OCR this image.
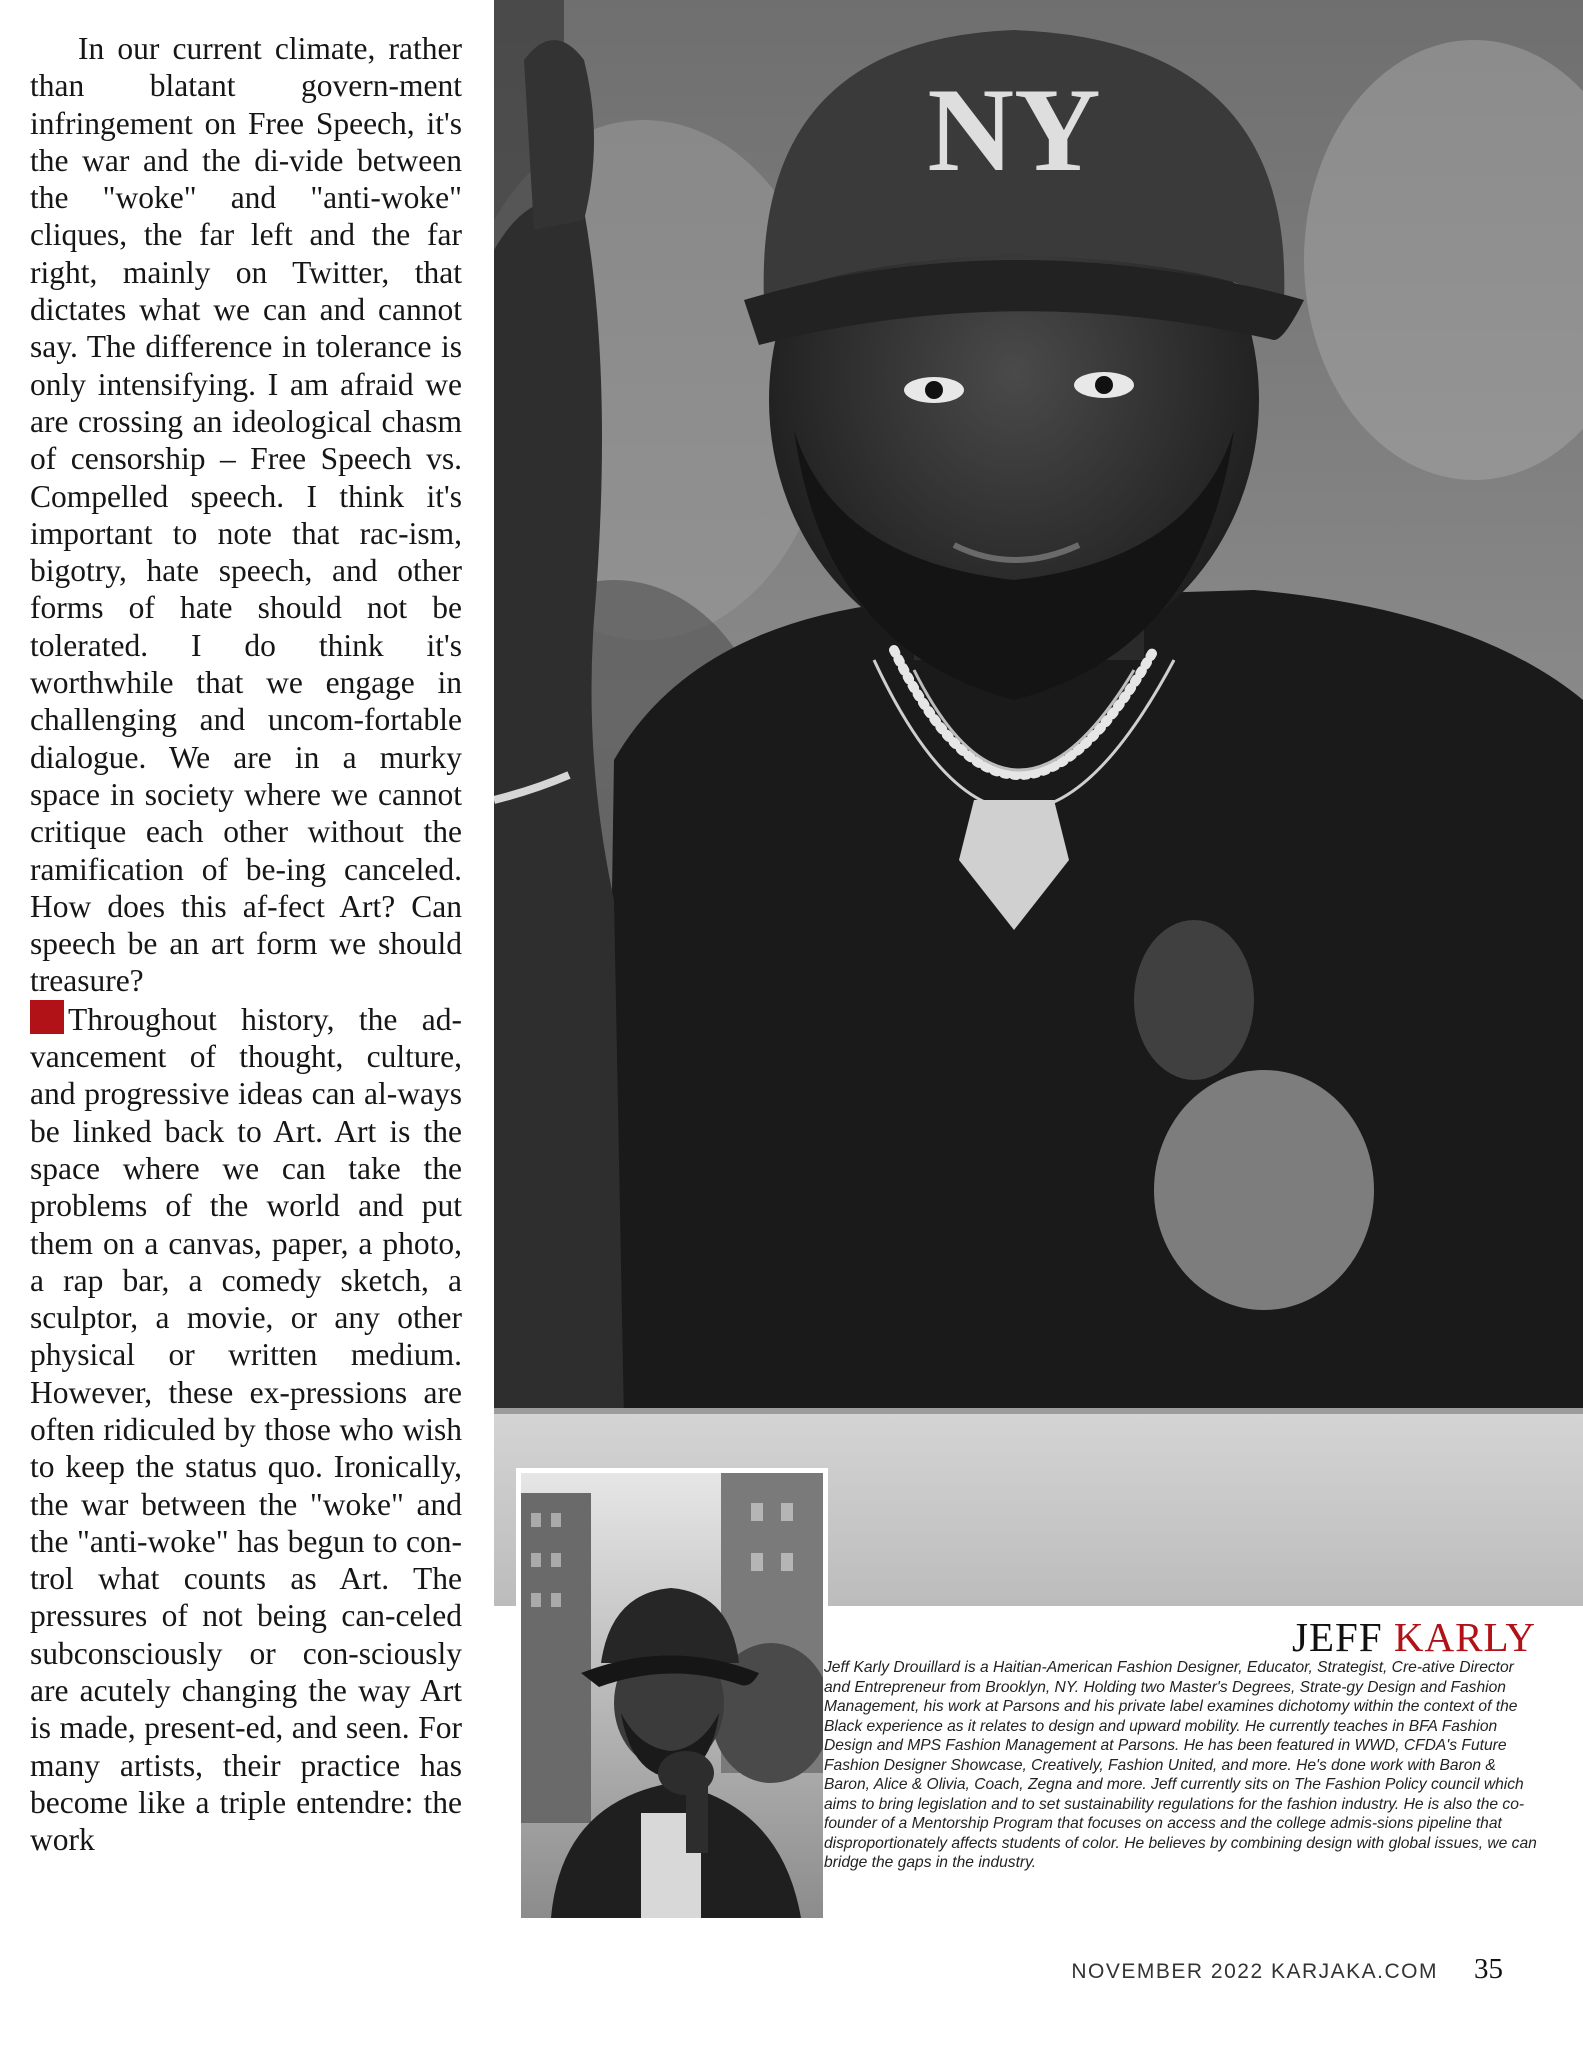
In our current climate, rather than blatant govern-ment infringement on Free Speech, it's the war and the di-vide between the "woke" and "anti-woke" cliques, the far left and the far right, mainly on Twitter, that dictates what we can and cannot say. The difference in tolerance is only intensifying. I am afraid we are crossing an ideological chasm of censorship – Free Speech vs. Compelled speech. I think it's important to note that rac-ism, bigotry, hate speech, and other forms of hate should not be tolerated. I do think it's worthwhile that we engage in challenging and uncom-fortable dialogue. We are in a murky space in society where we cannot critique each other without the ramification of be-ing canceled. How does this af-fect Art? Can speech be an art form we should treasure?

Throughout history, the ad-vancement of thought, culture, and progressive ideas can al-ways be linked back to Art. Art is the space where we can take the problems of the world and put them on a canvas, paper, a photo, a rap bar, a comedy sketch, a sculptor, a movie, or any other physical or written medium. However, these ex-pressions are often ridiculed by those who wish to keep the status quo. Ironically, the war between the "woke" and the "anti-woke" has begun to con-trol what counts as Art. The pressures of not being can-celed subconsciously or con-sciously are acutely changing the way Art is made, present-ed, and seen. For many artists, their practice has become like a triple entendre: the work

NY
JEFF KARLY

Jeff Karly Drouillard is a Haitian-American Fashion Designer, Educator, Strategist, Cre-ative Director and Entrepreneur from Brooklyn, NY. Holding two Master's Degrees, Strate-gy Design and Fashion Management, his work at Parsons and his private label examines dichotomy within the context of the Black experience as it relates to design and upward mobility. He currently teaches in BFA Fashion Design and MPS Fashion Management at Parsons. He has been featured in WWD, CFDA's Future Fashion Designer Showcase, Creatively, Fashion United, and more. He's done work with Baron & Baron, Alice & Olivia, Coach, Zegna and more. Jeff currently sits on The Fashion Policy council which aims to bring legislation and to set sustainability regulations for the fashion industry. He is also the co-founder of a Mentorship Program that focuses on access and the college admis-sions pipeline that disproportionately affects students of color. He believes by combining design with global issues, we can bridge the gaps in the industry.

NOVEMBER 2022 KARJAKA.COM 35
